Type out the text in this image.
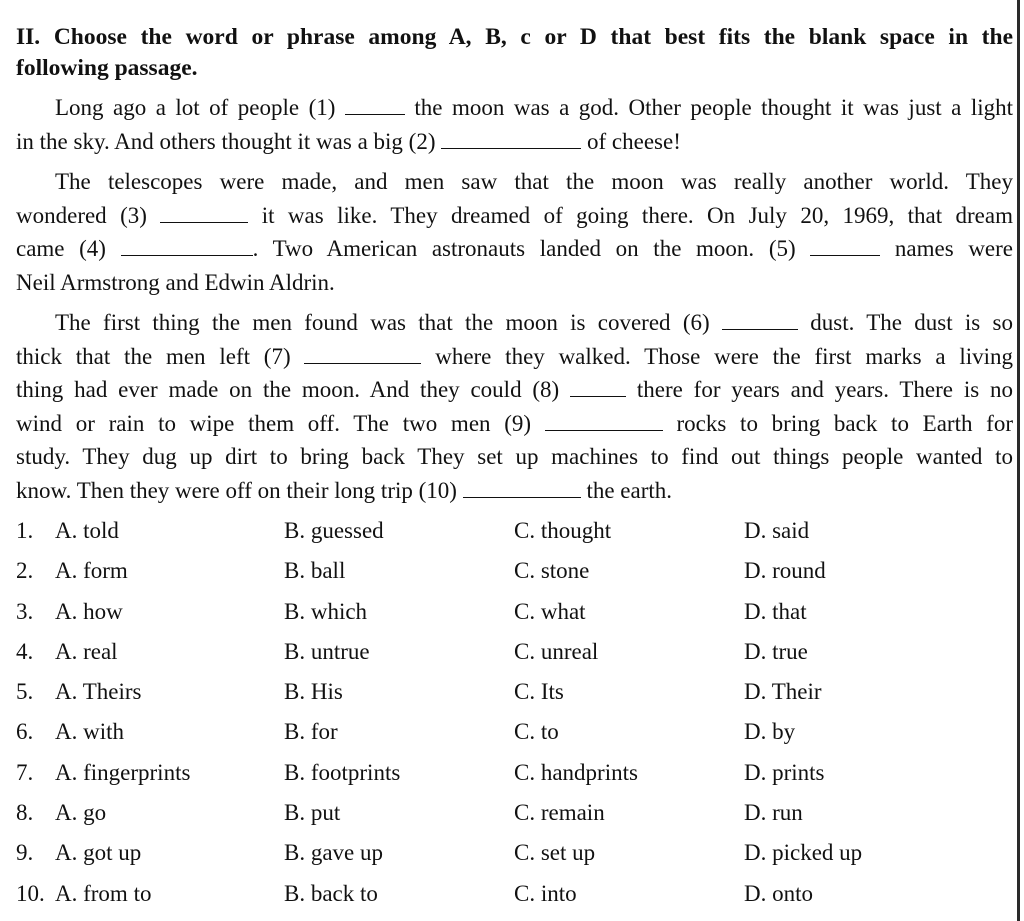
II. Choose the word or phrase among A, B, c or D that best fits the blank space in the
following passage.
Long ago a lot of people (1)	the moon was a god. Other people thought it was just a light
in the sky. And others thought it was a big (2)	of cheese!
The telescopes were made, and men saw that the moon was really another world. They
wondered (3)	it was like. They dreamed of going there. On July 20, 1969, that dream
came (4)	. Two American astronauts landed on the moon. (5)	names were
Neil Armstrong and Edwin Aldrin.
The first thing the men found was that the moon is covered (6)	dust. The dust is so
thick that the men left (7)	where they walked. Those were the first marks a living
thing had ever made on the moon. And they could (8)	there for years and years. There is no
wind or rain to wipe them off. The two men (9)	rocks to bring back to Earth for
study. They dug up dirt to bring back They set up machines to find out things people wanted to
know. Then they were off on their long trip (10)	the earth.
1. A. told	B. guessed	C. thought	D. said
2. A. form	B. ball	C. stone	D. round
3. A. how	B. which	C. what	D. that
4. A. real	B. untrue	C. unreal	D. true
5. A. Theirs	B. His	C. Its	D. Their
6. A. with	B. for	C. to	D. by
7. A. fingerprints	B. footprints	C. handprints	D. prints
8. A. go	B. put	C. remain	D. run
9. A. got up	B. gave up	C. set up	D. picked up
10. A. from to	B. back to	C. into	D. onto
